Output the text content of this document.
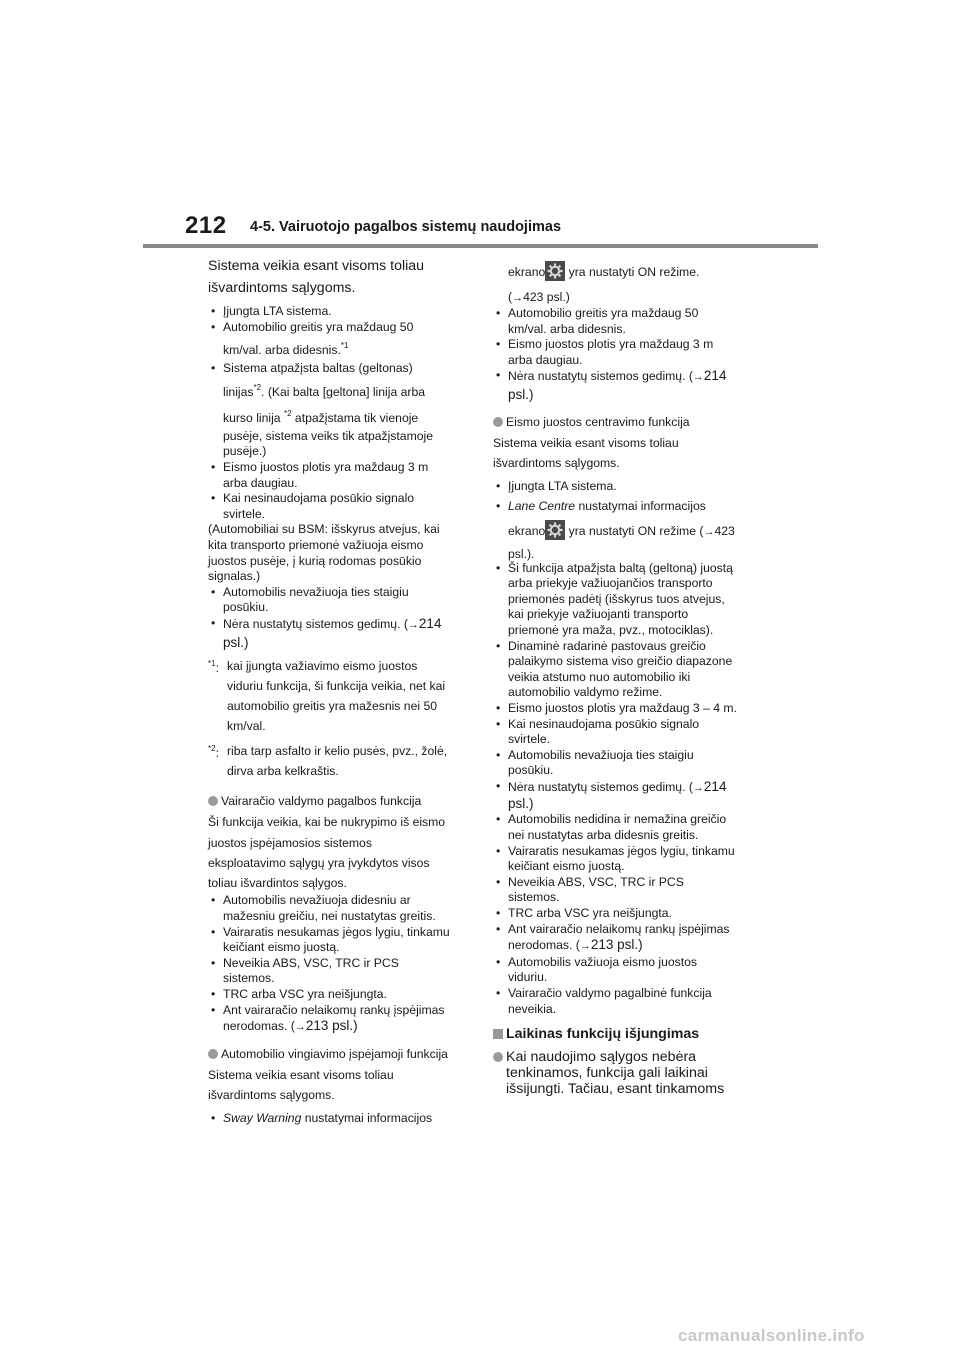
212 4-5. Vairuotojo pagalbos sistemų naudojimas
Sistema veikia esant visoms toliau
išvardintoms sąlygoms.
• Įjungta LTA sistema.
• Automobilio greitis yra maždaug 50
km/val. arba didesnis.$^{*1}$
• Sistema atpažįsta baltas (geltonas)
linijas$^{*2}$. (Kai balta [geltona] linija arba
kurso linija $^{*2}$ atpažįstama tik vienoje
pusėje, sistema veiks tik atpažįstamoje
pusėje.)
• Eismo juostos plotis yra maždaug 3 m
arba daugiau.
• Kai nesinaudojama posūkio signalo
svirtele.
(Automobiliai su BSM: išskyrus atvejus, kai
kita transporto priemonė važiuoja eismo
juostos pusėje, į kurią rodomas posūkio
signalas.)
• Automobilis nevažiuoja ties staigiu
posūkiu.
• Nėra nustatytų sistemos gedimų. (→214
psl.)
$^{*1}$: kai įjungta važiavimo eismo juostos
viduriu funkcija, ši funkcija veikia, net kai
automobilio greitis yra mažesnis nei 50
km/val.
$^{*2}$: riba tarp asfalto ir kelio pusės, pvz., žolė,
dirva arba kelkraštis.
Vairaračio valdymo pagalbos funkcija
Ši funkcija veikia, kai be nukrypimo iš eismo
juostos įspėjamosios sistemos
eksploatavimo sąlygų yra įvykdytos visos
toliau išvardintos sąlygos.
• Automobilis nevažiuoja didesniu ar
mažesniu greičiu, nei nustatytas greitis.
• Vairaratis nesukamas jėgos lygiu, tinkamu
keičiant eismo juostą.
• Neveikia ABS, VSC, TRC ir PCS
sistemos.
• TRC arba VSC yra neišjungta.
• Ant vairaračio nelaikomų rankų įspėjimas
nerodomas. (→213 psl.)
Automobilio vingiavimo įspėjamoji funkcija
Sistema veikia esant visoms toliau
išvardintoms sąlygoms.
• Sway Warning nustatymai informacijos
ekrano
yra nustatyti ON režime.
(→423 psl.)
• Automobilio greitis yra maždaug 50
km/val. arba didesnis.
• Eismo juostos plotis yra maždaug 3 m
arba daugiau.
• Nėra nustatytų sistemos gedimų. (→214
psl.)
Eismo juostos centravimo funkcija
Sistema veikia esant visoms toliau
išvardintoms sąlygoms.
• Įjungta LTA sistema.
• Lane Centre nustatymai informacijos
ekrano
yra nustatyti ON režime (→423
psl.).
• Ši funkcija atpažįsta baltą (geltoną) juostą
arba priekyje važiuojančios transporto
priemonės padėtį (išskyrus tuos atvejus,
kai priekyje važiuojanti transporto
priemonė yra maža, pvz., motociklas).
• Dinaminė radarinė pastovaus greičio
palaikymo sistema viso greičio diapazone
veikia atstumo nuo automobilio iki
automobilio valdymo režime.
• Eismo juostos plotis yra maždaug 3 – 4 m.
• Kai nesinaudojama posūkio signalo
svirtele.
• Automobilis nevažiuoja ties staigiu
posūkiu.
• Nėra nustatytų sistemos gedimų. (→214
psl.)
• Automobilis nedidina ir nemažina greičio
nei nustatytas arba didesnis greitis.
• Vairaratis nesukamas jėgos lygiu, tinkamu
keičiant eismo juostą.
• Neveikia ABS, VSC, TRC ir PCS
sistemos.
• TRC arba VSC yra neišjungta.
• Ant vairaračio nelaikomų rankų įspėjimas
nerodomas. (→213 psl.)
• Automobilis važiuoja eismo juostos
viduriu.
• Vairaračio valdymo pagalbinė funkcija
neveikia.
Laikinas funkcijų išjungimas
Kai naudojimo sąlygos nebėra
tenkinamos, funkcija gali laikinai
išsijungti. Tačiau, esant tinkamoms
carmanualsonline.info
